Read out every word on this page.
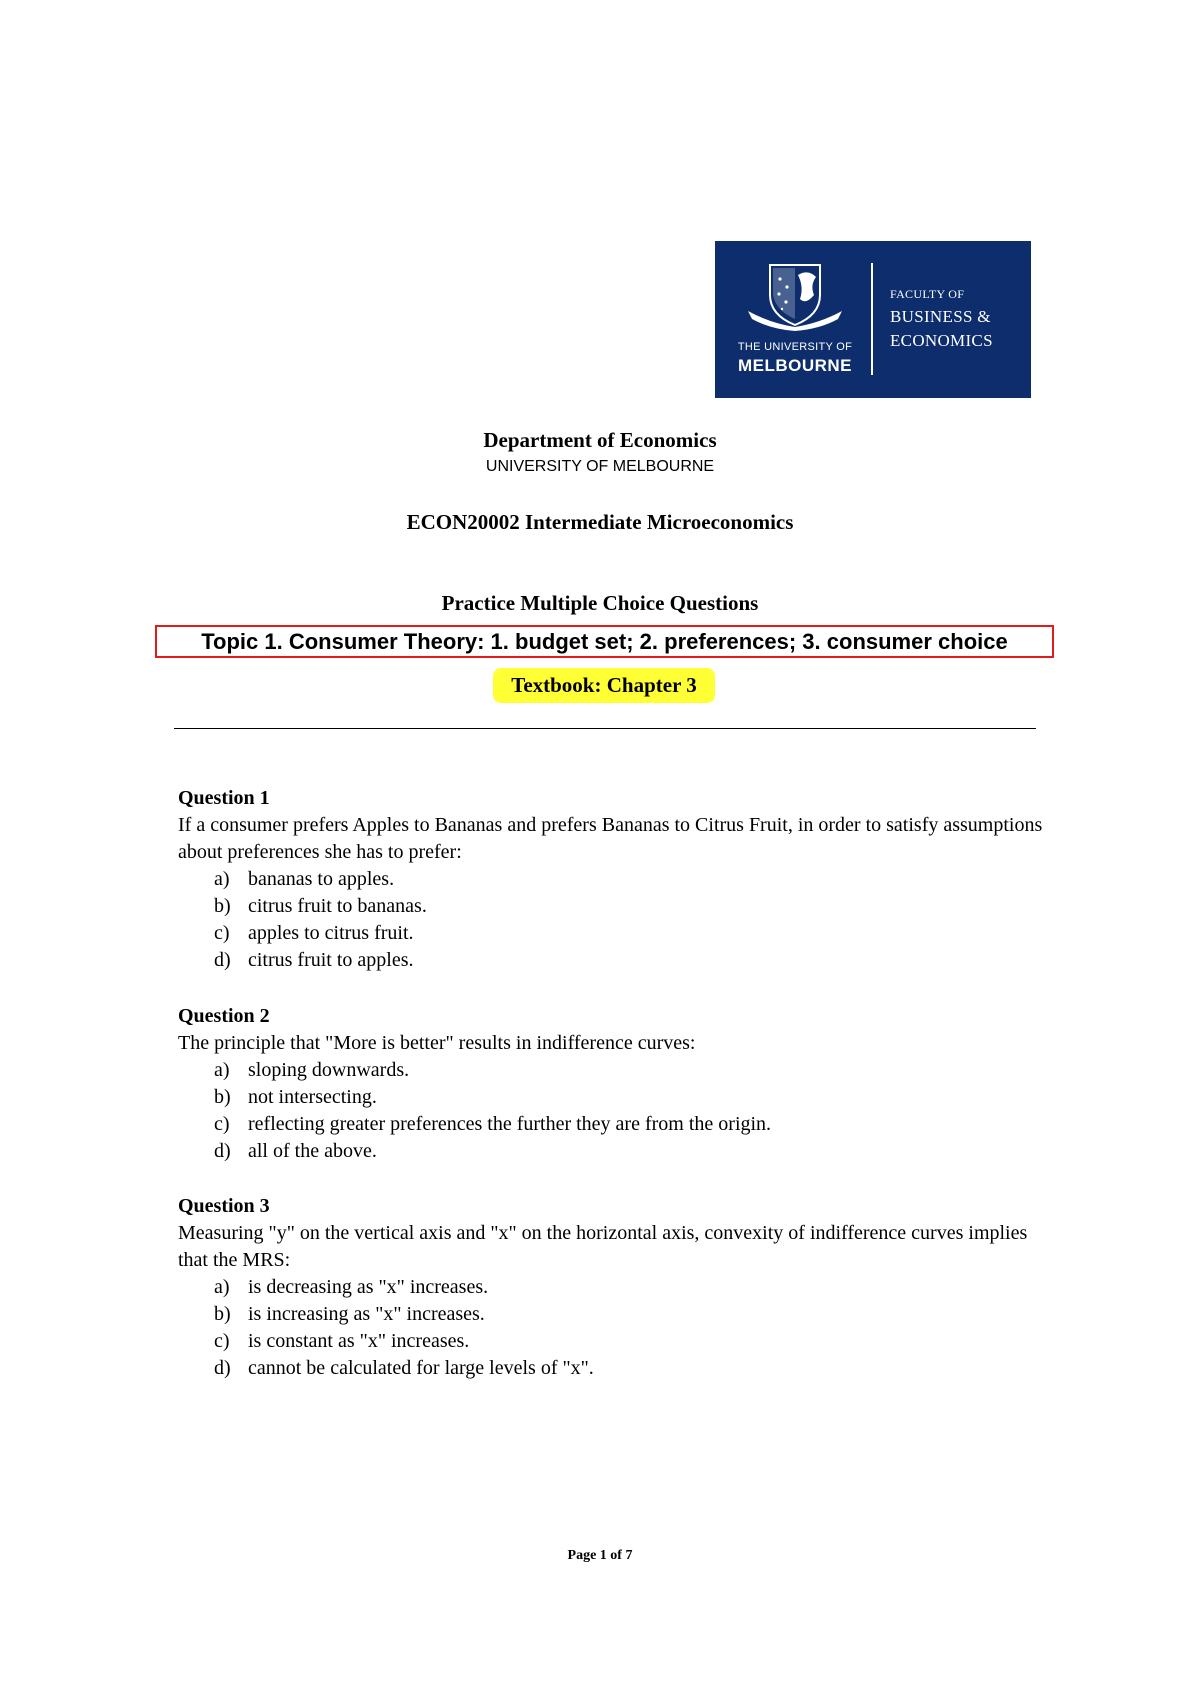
THE UNIVERSITY OF
MELBOURNE
FACULTY OF
BUSINESS &
ECONOMICS
Department of Economics
UNIVERSITY OF MELBOURNE
ECON20002 Intermediate Microeconomics
Practice Multiple Choice Questions
Topic 1. Consumer Theory: 1. budget set; 2. preferences; 3. consumer choice
Textbook: Chapter 3
Question 1

If a consumer prefers Apples to Bananas and prefers Bananas to Citrus Fruit, in order to satisfy assumptions about preferences she has to prefer:

a) bananas to apples.
b) citrus fruit to bananas.
c) apples to citrus fruit.
d) citrus fruit to apples.
Question 2

The principle that "More is better" results in indifference curves:

a) sloping downwards.
b) not intersecting.
c) reflecting greater preferences the further they are from the origin.
d) all of the above.
Question 3

Measuring "y" on the vertical axis and "x" on the horizontal axis, convexity of indifference curves implies that the MRS:

a) is decreasing as "x" increases.
b) is increasing as "x" increases.
c) is constant as "x" increases.
d) cannot be calculated for large levels of "x".
Page 1 of 7
